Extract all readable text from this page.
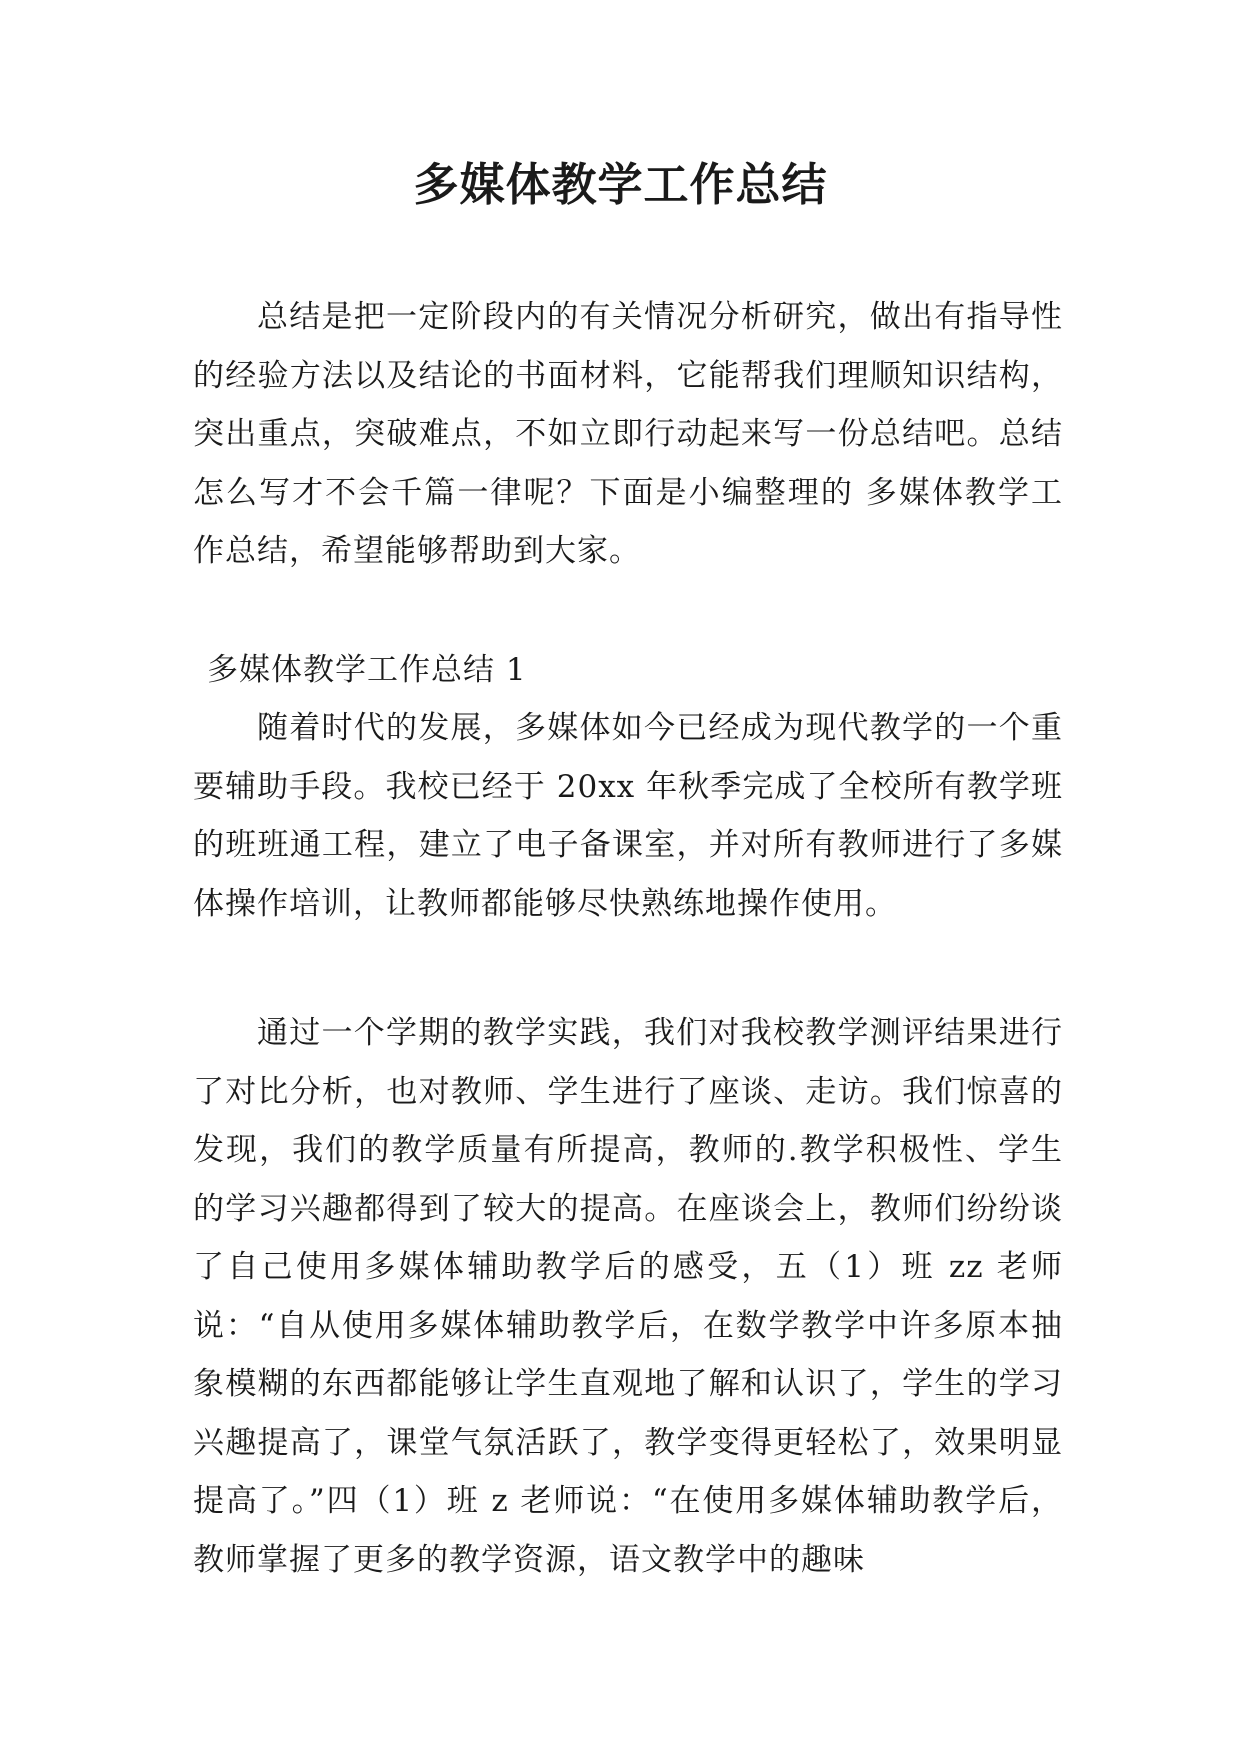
多媒体教学工作总结

总结是把一定阶段内的有关情况分析研究，做出有指导性的经验方法以及结论的书面材料，它能帮我们理顺知识结构，突出重点，突破难点，不如立即行动起来写一份总结吧。总结怎么写才不会千篇一律呢？下面是小编整理的 多媒体教学工作总结，希望能够帮助到大家。

多媒体教学工作总结 1

随着时代的发展，多媒体如今已经成为现代教学的一个重要辅助手段。我校已经于 20xx 年秋季完成了全校所有教学班的班班通工程，建立了电子备课室，并对所有教师进行了多媒体操作培训，让教师都能够尽快熟练地操作使用。

通过一个学期的教学实践，我们对我校教学测评结果进行了对比分析，也对教师、学生进行了座谈、走访。我们惊喜的发现，我们的教学质量有所提高，教师的.教学积极性、学生的学习兴趣都得到了较大的提高。在座谈会上，教师们纷纷谈了自己使用多媒体辅助教学后的感受，五（1）班 zz 老师说：“自从使用多媒体辅助教学后，在数学教学中许多原本抽象模糊的东西都能够让学生直观地了解和认识了，学生的学习兴趣提高了，课堂气氛活跃了，教学变得更轻松了，效果明显提高了。”四（1）班 z 老师说：“在使用多媒体辅助教学后，教师掌握了更多的教学资源，语文教学中的趣味
